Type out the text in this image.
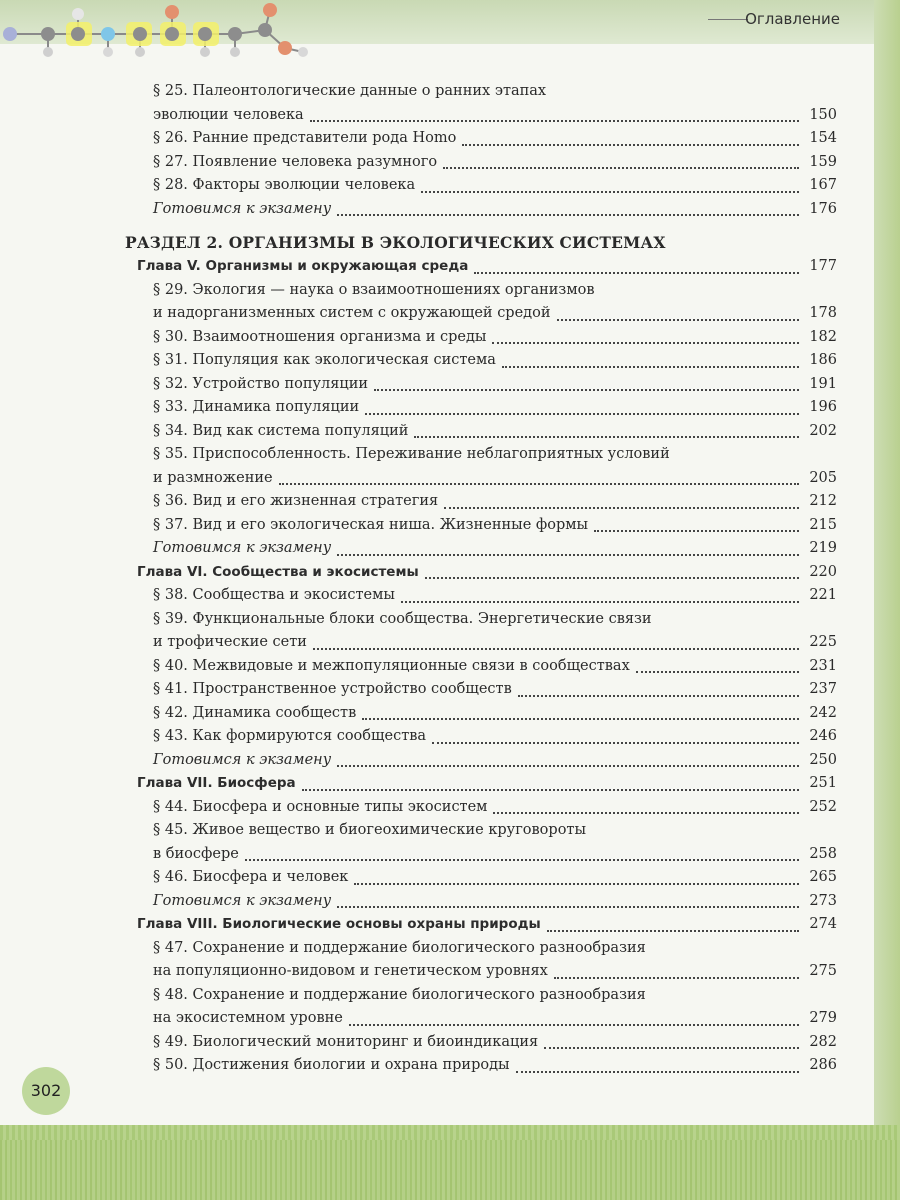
Оглавление
§ 25. Палеонтологические данные о ранних этапах
эволюции человека	150
§ 26. Ранние представители рода Homo	154
§ 27. Появление человека разумного	159
§ 28. Факторы эволюции человека	167
Готовимся к экзамену	176
РАЗДЕЛ 2. ОРГАНИЗМЫ В ЭКОЛОГИЧЕСКИХ СИСТЕМАХ
Глава V. Организмы и окружающая среда	177
§ 29. Экология — наука о взаимоотношениях организмов
и надорганизменных систем с окружающей средой	178
§ 30. Взаимоотношения организма и среды	182
§ 31. Популяция как экологическая система	186
§ 32. Устройство популяции	191
§ 33. Динамика популяции	196
§ 34. Вид как система популяций	202
§ 35. Приспособленность. Переживание неблагоприятных условий
и размножение	205
§ 36. Вид и его жизненная стратегия	212
§ 37. Вид и его экологическая ниша. Жизненные формы	215
Готовимся к экзамену	219
Глава VI. Сообщества и экосистемы	220
§ 38. Сообщества и экосистемы	221
§ 39. Функциональные блоки сообщества. Энергетические связи
и трофические сети	225
§ 40. Межвидовые и межпопуляционные связи в сообществах	231
§ 41. Пространственное устройство сообществ	237
§ 42. Динамика сообществ	242
§ 43. Как формируются сообщества	246
Готовимся к экзамену	250
Глава VII. Биосфера	251
§ 44. Биосфера и основные типы экосистем	252
§ 45. Живое вещество и биогеохимические круговороты
в биосфере	258
§ 46. Биосфера и человек	265
Готовимся к экзамену	273
Глава VIII. Биологические основы охраны природы	274
§ 47. Сохранение и поддержание биологического разнообразия
на популяционно-видовом и генетическом уровнях	275
§ 48. Сохранение и поддержание биологического разнообразия
на экосистемном уровне	279
§ 49. Биологический мониторинг и биоиндикация	282
§ 50. Достижения биологии и охрана природы	286
302
